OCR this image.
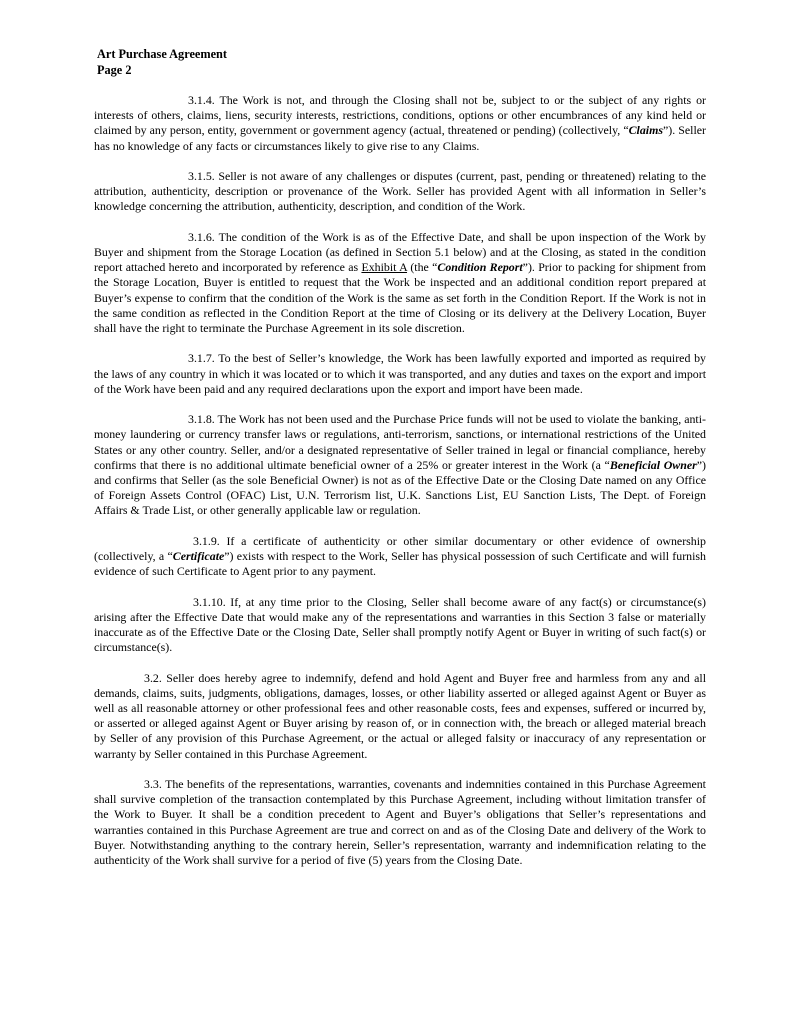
Art Purchase Agreement
Page 2

3.1.4. The Work is not, and through the Closing shall not be, subject to or the subject of any rights or interests of others, claims, liens, security interests, restrictions, conditions, options or other encumbrances of any kind held or claimed by any person, entity, government or government agency (actual, threatened or pending) (collectively, “Claims”). Seller has no knowledge of any facts or circumstances likely to give rise to any Claims.

3.1.5. Seller is not aware of any challenges or disputes (current, past, pending or threatened) relating to the attribution, authenticity, description or provenance of the Work. Seller has provided Agent with all information in Seller’s knowledge concerning the attribution, authenticity, description, and condition of the Work.

3.1.6. The condition of the Work is as of the Effective Date, and shall be upon inspection of the Work by Buyer and shipment from the Storage Location (as defined in Section 5.1 below) and at the Closing, as stated in the condition report attached hereto and incorporated by reference as Exhibit A (the “Condition Report”). Prior to packing for shipment from the Storage Location, Buyer is entitled to request that the Work be inspected and an additional condition report prepared at Buyer’s expense to confirm that the condition of the Work is the same as set forth in the Condition Report. If the Work is not in the same condition as reflected in the Condition Report at the time of Closing or its delivery at the Delivery Location, Buyer shall have the right to terminate the Purchase Agreement in its sole discretion.

3.1.7. To the best of Seller’s knowledge, the Work has been lawfully exported and imported as required by the laws of any country in which it was located or to which it was transported, and any duties and taxes on the export and import of the Work have been paid and any required declarations upon the export and import have been made.

3.1.8. The Work has not been used and the Purchase Price funds will not be used to violate the banking, anti-money laundering or currency transfer laws or regulations, anti-terrorism, sanctions, or international restrictions of the United States or any other country. Seller, and/or a designated representative of Seller trained in legal or financial compliance, hereby confirms that there is no additional ultimate beneficial owner of a 25% or greater interest in the Work (a “Beneficial Owner”) and confirms that Seller (as the sole Beneficial Owner) is not as of the Effective Date or the Closing Date named on any Office of Foreign Assets Control (OFAC) List, U.N. Terrorism list, U.K. Sanctions List, EU Sanction Lists, The Dept. of Foreign Affairs & Trade List, or other generally applicable law or regulation.

3.1.9. If a certificate of authenticity or other similar documentary or other evidence of ownership (collectively, a “Certificate”) exists with respect to the Work, Seller has physical possession of such Certificate and will furnish evidence of such Certificate to Agent prior to any payment.

3.1.10. If, at any time prior to the Closing, Seller shall become aware of any fact(s) or circumstance(s) arising after the Effective Date that would make any of the representations and warranties in this Section 3 false or materially inaccurate as of the Effective Date or the Closing Date, Seller shall promptly notify Agent or Buyer in writing of such fact(s) or circumstance(s).

3.2. Seller does hereby agree to indemnify, defend and hold Agent and Buyer free and harmless from any and all demands, claims, suits, judgments, obligations, damages, losses, or other liability asserted or alleged against Agent or Buyer as well as all reasonable attorney or other professional fees and other reasonable costs, fees and expenses, suffered or incurred by, or asserted or alleged against Agent or Buyer arising by reason of, or in connection with, the breach or alleged material breach by Seller of any provision of this Purchase Agreement, or the actual or alleged falsity or inaccuracy of any representation or warranty by Seller contained in this Purchase Agreement.

3.3. The benefits of the representations, warranties, covenants and indemnities contained in this Purchase Agreement shall survive completion of the transaction contemplated by this Purchase Agreement, including without limitation transfer of the Work to Buyer. It shall be a condition precedent to Agent and Buyer’s obligations that Seller’s representations and warranties contained in this Purchase Agreement are true and correct on and as of the Closing Date and delivery of the Work to Buyer. Notwithstanding anything to the contrary herein, Seller’s representation, warranty and indemnification relating to the authenticity of the Work shall survive for a period of five (5) years from the Closing Date.
